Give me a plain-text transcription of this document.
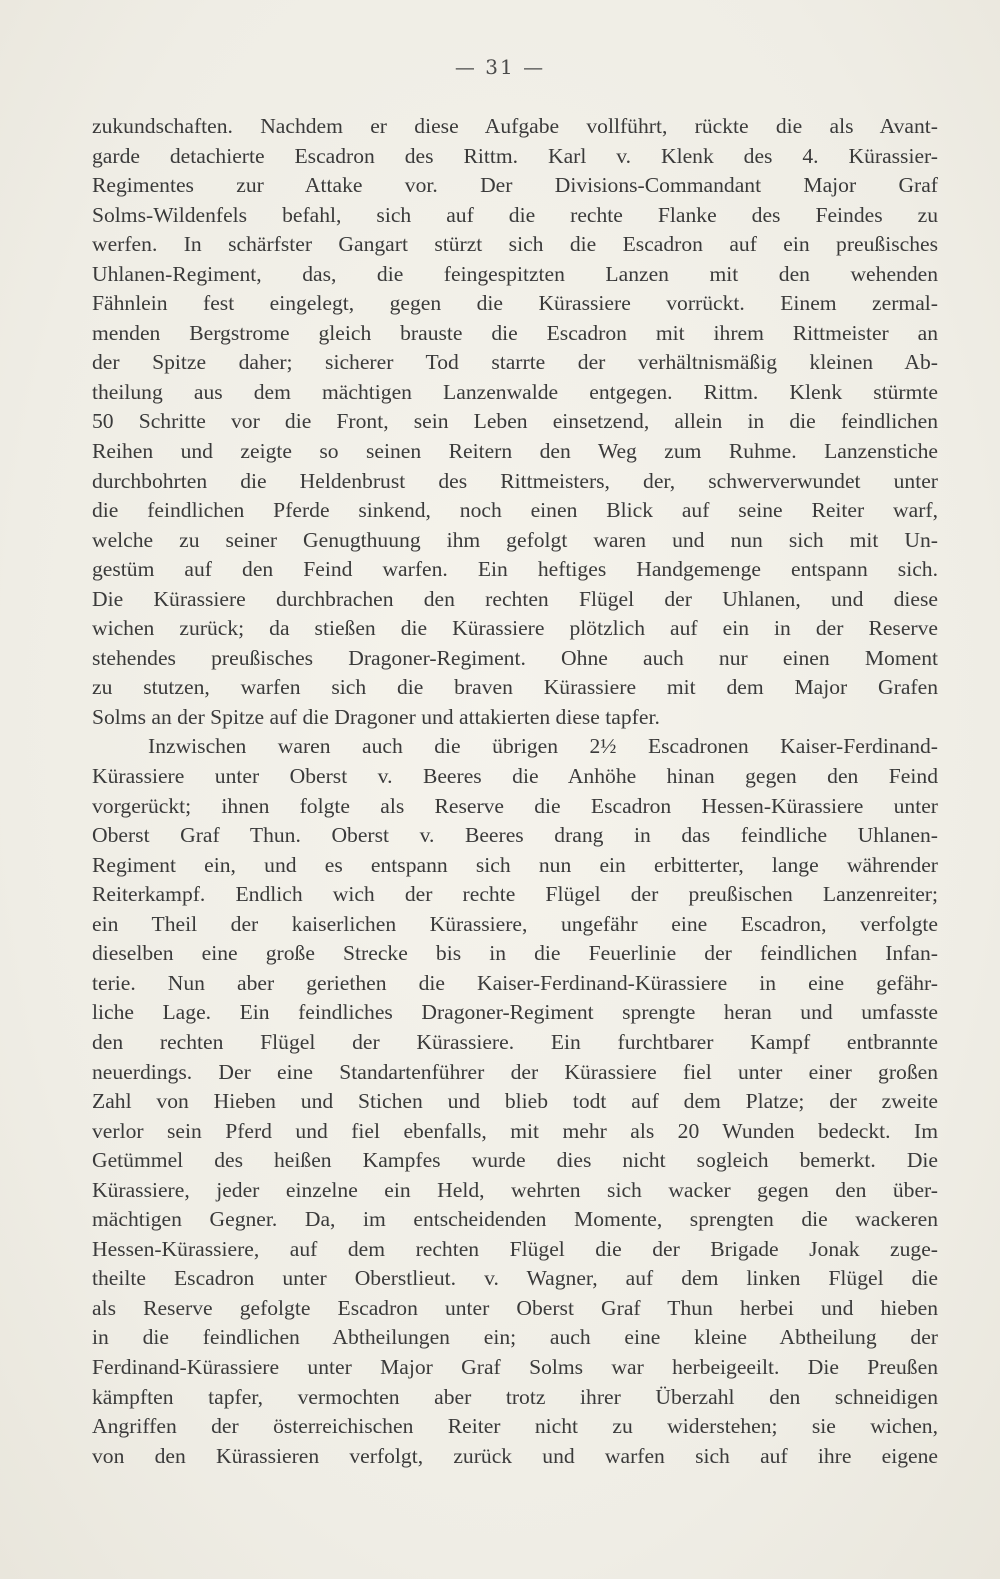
— 31 —
zukundschaften. Nachdem er diese Aufgabe vollführt, rückte die als Avant-
garde detachierte Escadron des Rittm. Karl v. Klenk des 4. Kürassier-
Regimentes zur Attake vor. Der Divisions-Commandant Major Graf
Solms-Wildenfels befahl, sich auf die rechte Flanke des Feindes zu
werfen. In schärfster Gangart stürzt sich die Escadron auf ein preußisches
Uhlanen-Regiment, das, die feingespitzten Lanzen mit den wehenden
Fähnlein fest eingelegt, gegen die Kürassiere vorrückt. Einem zermal-
menden Bergstrome gleich brauste die Escadron mit ihrem Rittmeister an
der Spitze daher; sicherer Tod starrte der verhältnismäßig kleinen Ab-
theilung aus dem mächtigen Lanzenwalde entgegen. Rittm. Klenk stürmte
50 Schritte vor die Front, sein Leben einsetzend, allein in die feindlichen
Reihen und zeigte so seinen Reitern den Weg zum Ruhme. Lanzenstiche
durchbohrten die Heldenbrust des Rittmeisters, der, schwerverwundet unter
die feindlichen Pferde sinkend, noch einen Blick auf seine Reiter warf,
welche zu seiner Genugthuung ihm gefolgt waren und nun sich mit Un-
gestüm auf den Feind warfen. Ein heftiges Handgemenge entspann sich.
Die Kürassiere durchbrachen den rechten Flügel der Uhlanen, und diese
wichen zurück; da stießen die Kürassiere plötzlich auf ein in der Reserve
stehendes preußisches Dragoner-Regiment. Ohne auch nur einen Moment
zu stutzen, warfen sich die braven Kürassiere mit dem Major Grafen
Solms an der Spitze auf die Dragoner und attakierten diese tapfer.
Inzwischen waren auch die übrigen 2½ Escadronen Kaiser-Ferdinand-
Kürassiere unter Oberst v. Beeres die Anhöhe hinan gegen den Feind
vorgerückt; ihnen folgte als Reserve die Escadron Hessen-Kürassiere unter
Oberst Graf Thun. Oberst v. Beeres drang in das feindliche Uhlanen-
Regiment ein, und es entspann sich nun ein erbitterter, lange währender
Reiterkampf. Endlich wich der rechte Flügel der preußischen Lanzenreiter;
ein Theil der kaiserlichen Kürassiere, ungefähr eine Escadron, verfolgte
dieselben eine große Strecke bis in die Feuerlinie der feindlichen Infan-
terie. Nun aber geriethen die Kaiser-Ferdinand-Kürassiere in eine gefähr-
liche Lage. Ein feindliches Dragoner-Regiment sprengte heran und umfasste
den rechten Flügel der Kürassiere. Ein furchtbarer Kampf entbrannte
neuerdings. Der eine Standartenführer der Kürassiere fiel unter einer großen
Zahl von Hieben und Stichen und blieb todt auf dem Platze; der zweite
verlor sein Pferd und fiel ebenfalls, mit mehr als 20 Wunden bedeckt. Im
Getümmel des heißen Kampfes wurde dies nicht sogleich bemerkt. Die
Kürassiere, jeder einzelne ein Held, wehrten sich wacker gegen den über-
mächtigen Gegner. Da, im entscheidenden Momente, sprengten die wackeren
Hessen-Kürassiere, auf dem rechten Flügel die der Brigade Jonak zuge-
theilte Escadron unter Oberstlieut. v. Wagner, auf dem linken Flügel die
als Reserve gefolgte Escadron unter Oberst Graf Thun herbei und hieben
in die feindlichen Abtheilungen ein; auch eine kleine Abtheilung der
Ferdinand-Kürassiere unter Major Graf Solms war herbeigeeilt. Die Preußen
kämpften tapfer, vermochten aber trotz ihrer Überzahl den schneidigen
Angriffen der österreichischen Reiter nicht zu widerstehen; sie wichen,
von den Kürassieren verfolgt, zurück und warfen sich auf ihre eigene
